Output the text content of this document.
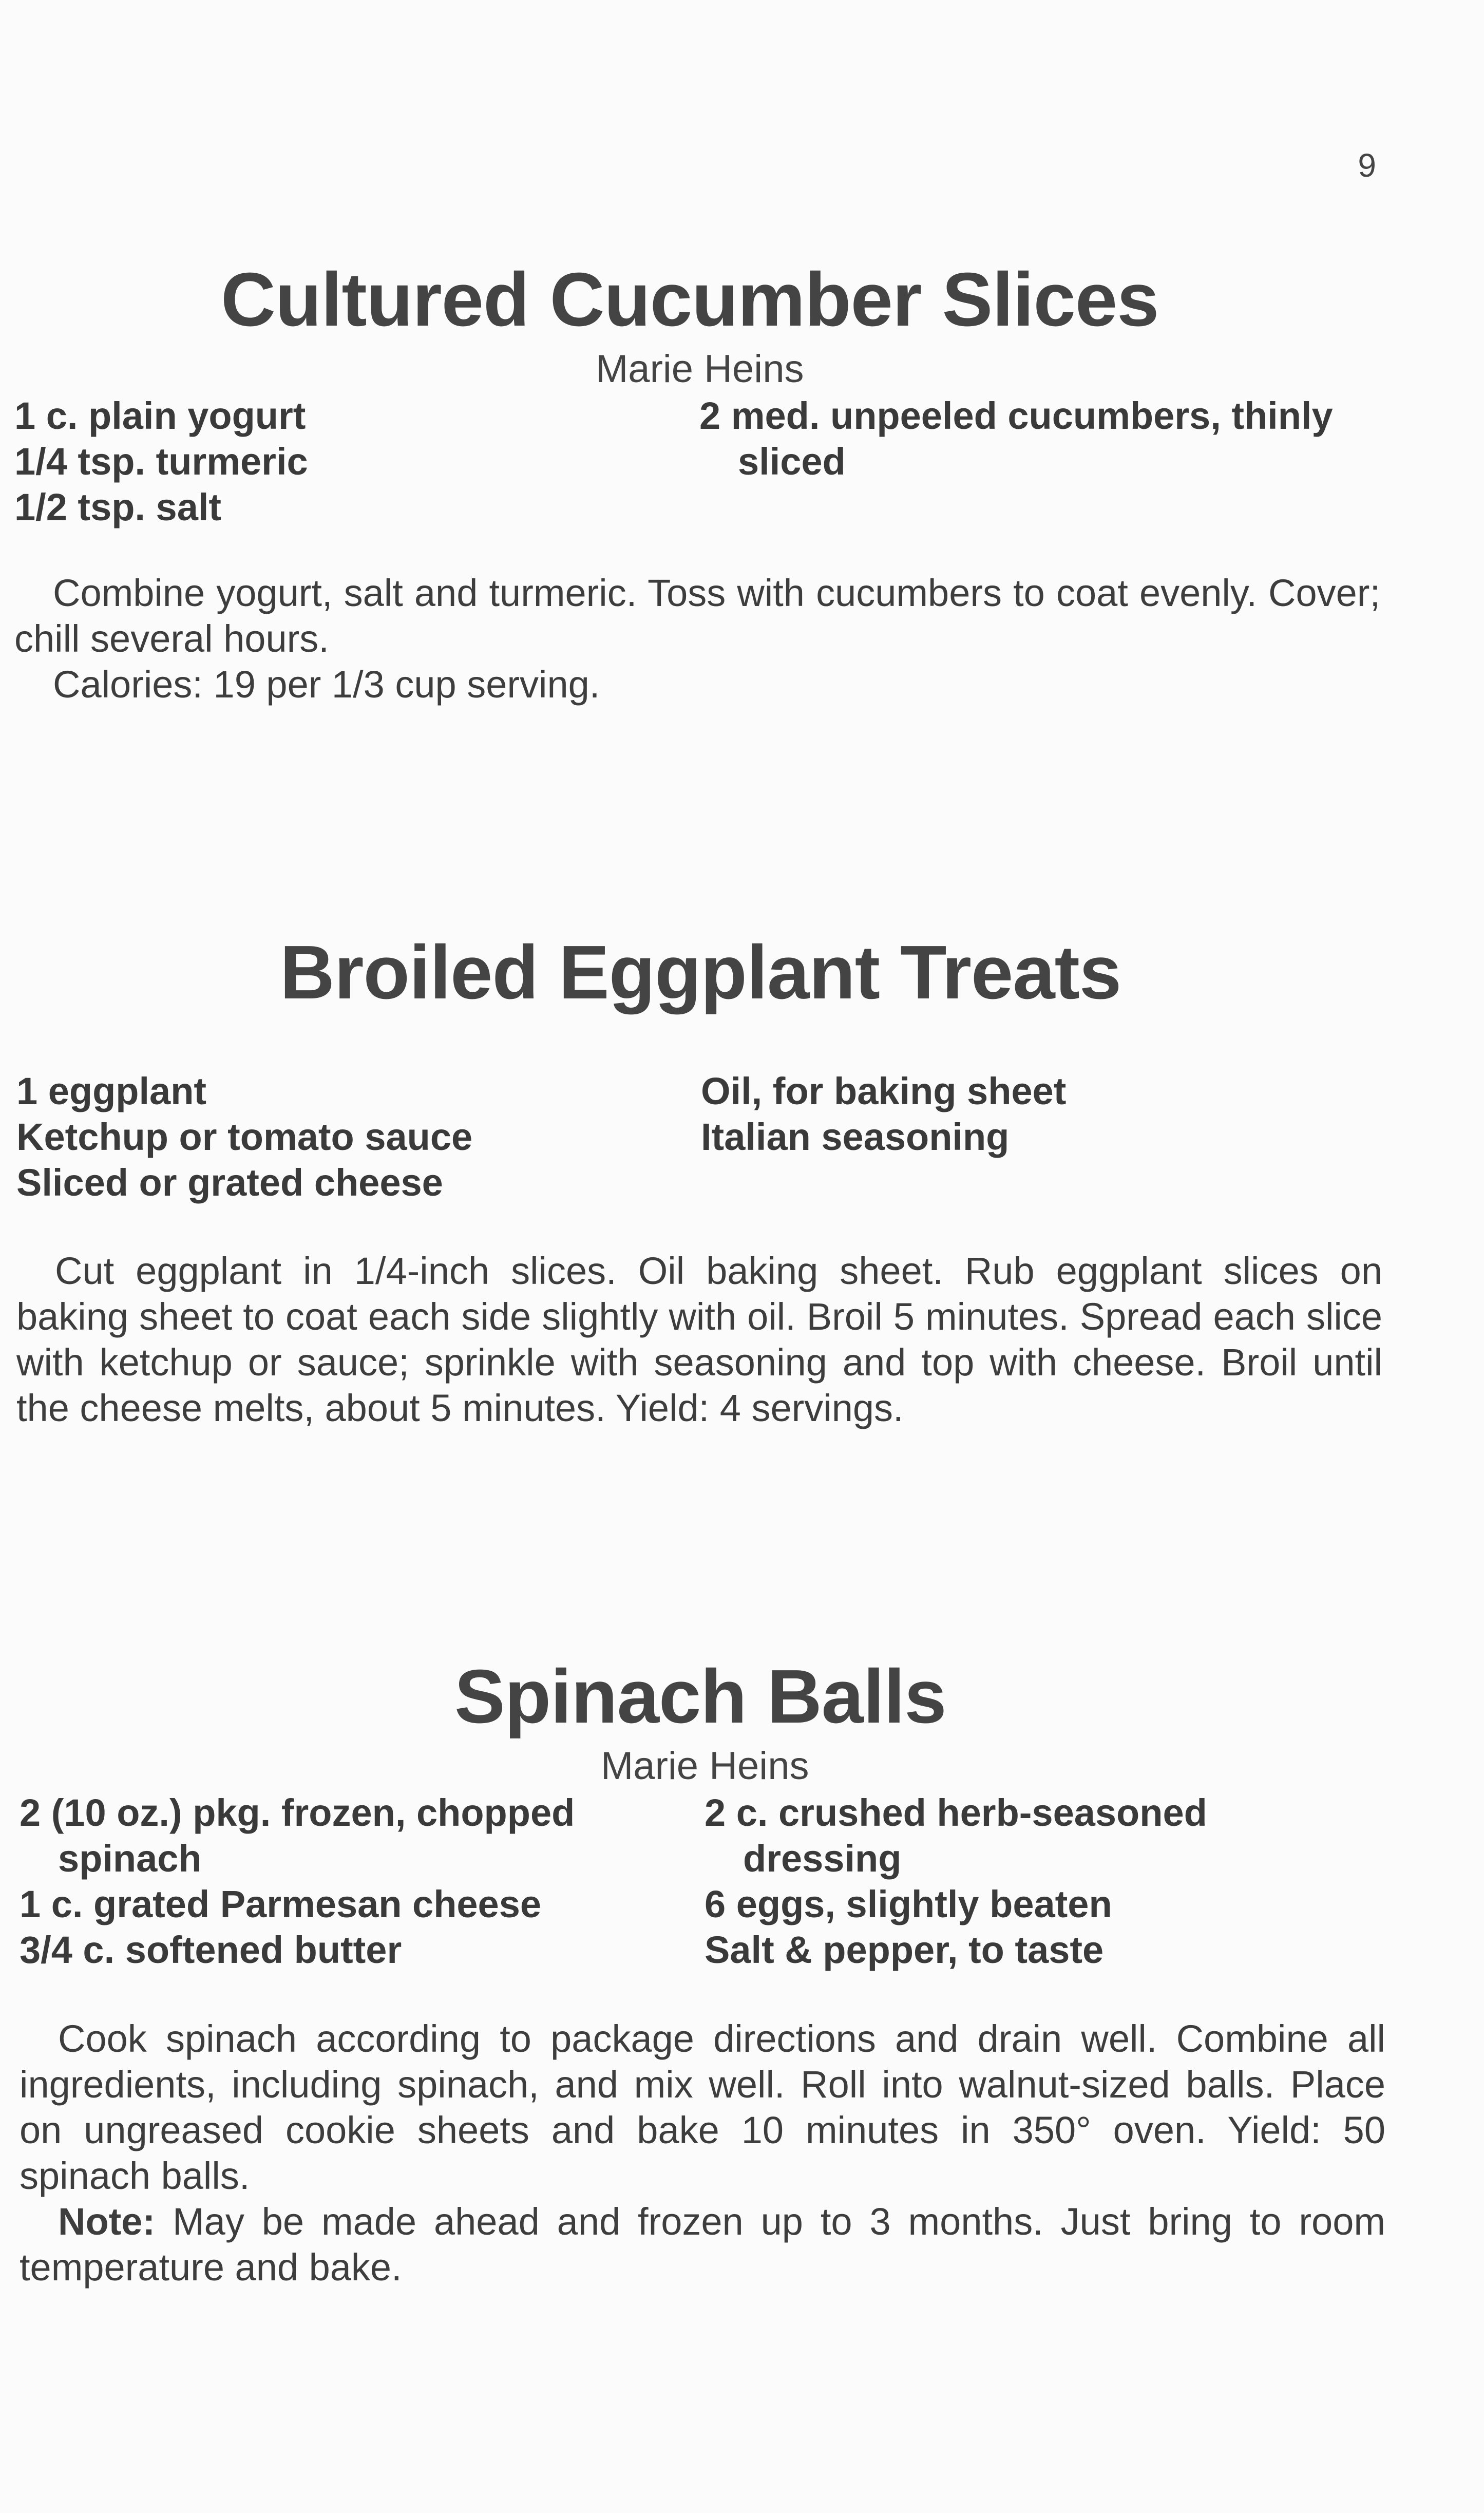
9
Cultured Cucumber Slices
Marie Heins
1 c. plain yogurt
1/4 tsp. turmeric
1/2 tsp. salt
2 med. unpeeled cucumbers, thinly
sliced

Combine yogurt, salt and turmeric. Toss with cucumbers to coat evenly. Cover; chill several hours.

Calories: 19 per 1/3 cup serving.

Broiled Eggplant Treats
1 eggplant
Ketchup or tomato sauce
Sliced or grated cheese
Oil, for baking sheet
Italian seasoning

Cut eggplant in 1/4-inch slices. Oil baking sheet. Rub eggplant slices on baking sheet to coat each side slightly with oil. Broil 5 minutes. Spread each slice with ketchup or sauce; sprinkle with seasoning and top with cheese. Broil until the cheese melts, about 5 minutes. Yield: 4 servings.

Spinach Balls
Marie Heins
2 (10 oz.) pkg. frozen, chopped
spinach
1 c. grated Parmesan cheese
3/4 c. softened butter
2 c. crushed herb-seasoned
dressing
6 eggs, slightly beaten
Salt & pepper, to taste

Cook spinach according to package directions and drain well. Combine all ingredients, including spinach, and mix well. Roll into walnut-sized balls. Place on ungreased cookie sheets and bake 10 minutes in 350° oven. Yield: 50 spinach balls.

Note: May be made ahead and frozen up to 3 months. Just bring to room temperature and bake.
